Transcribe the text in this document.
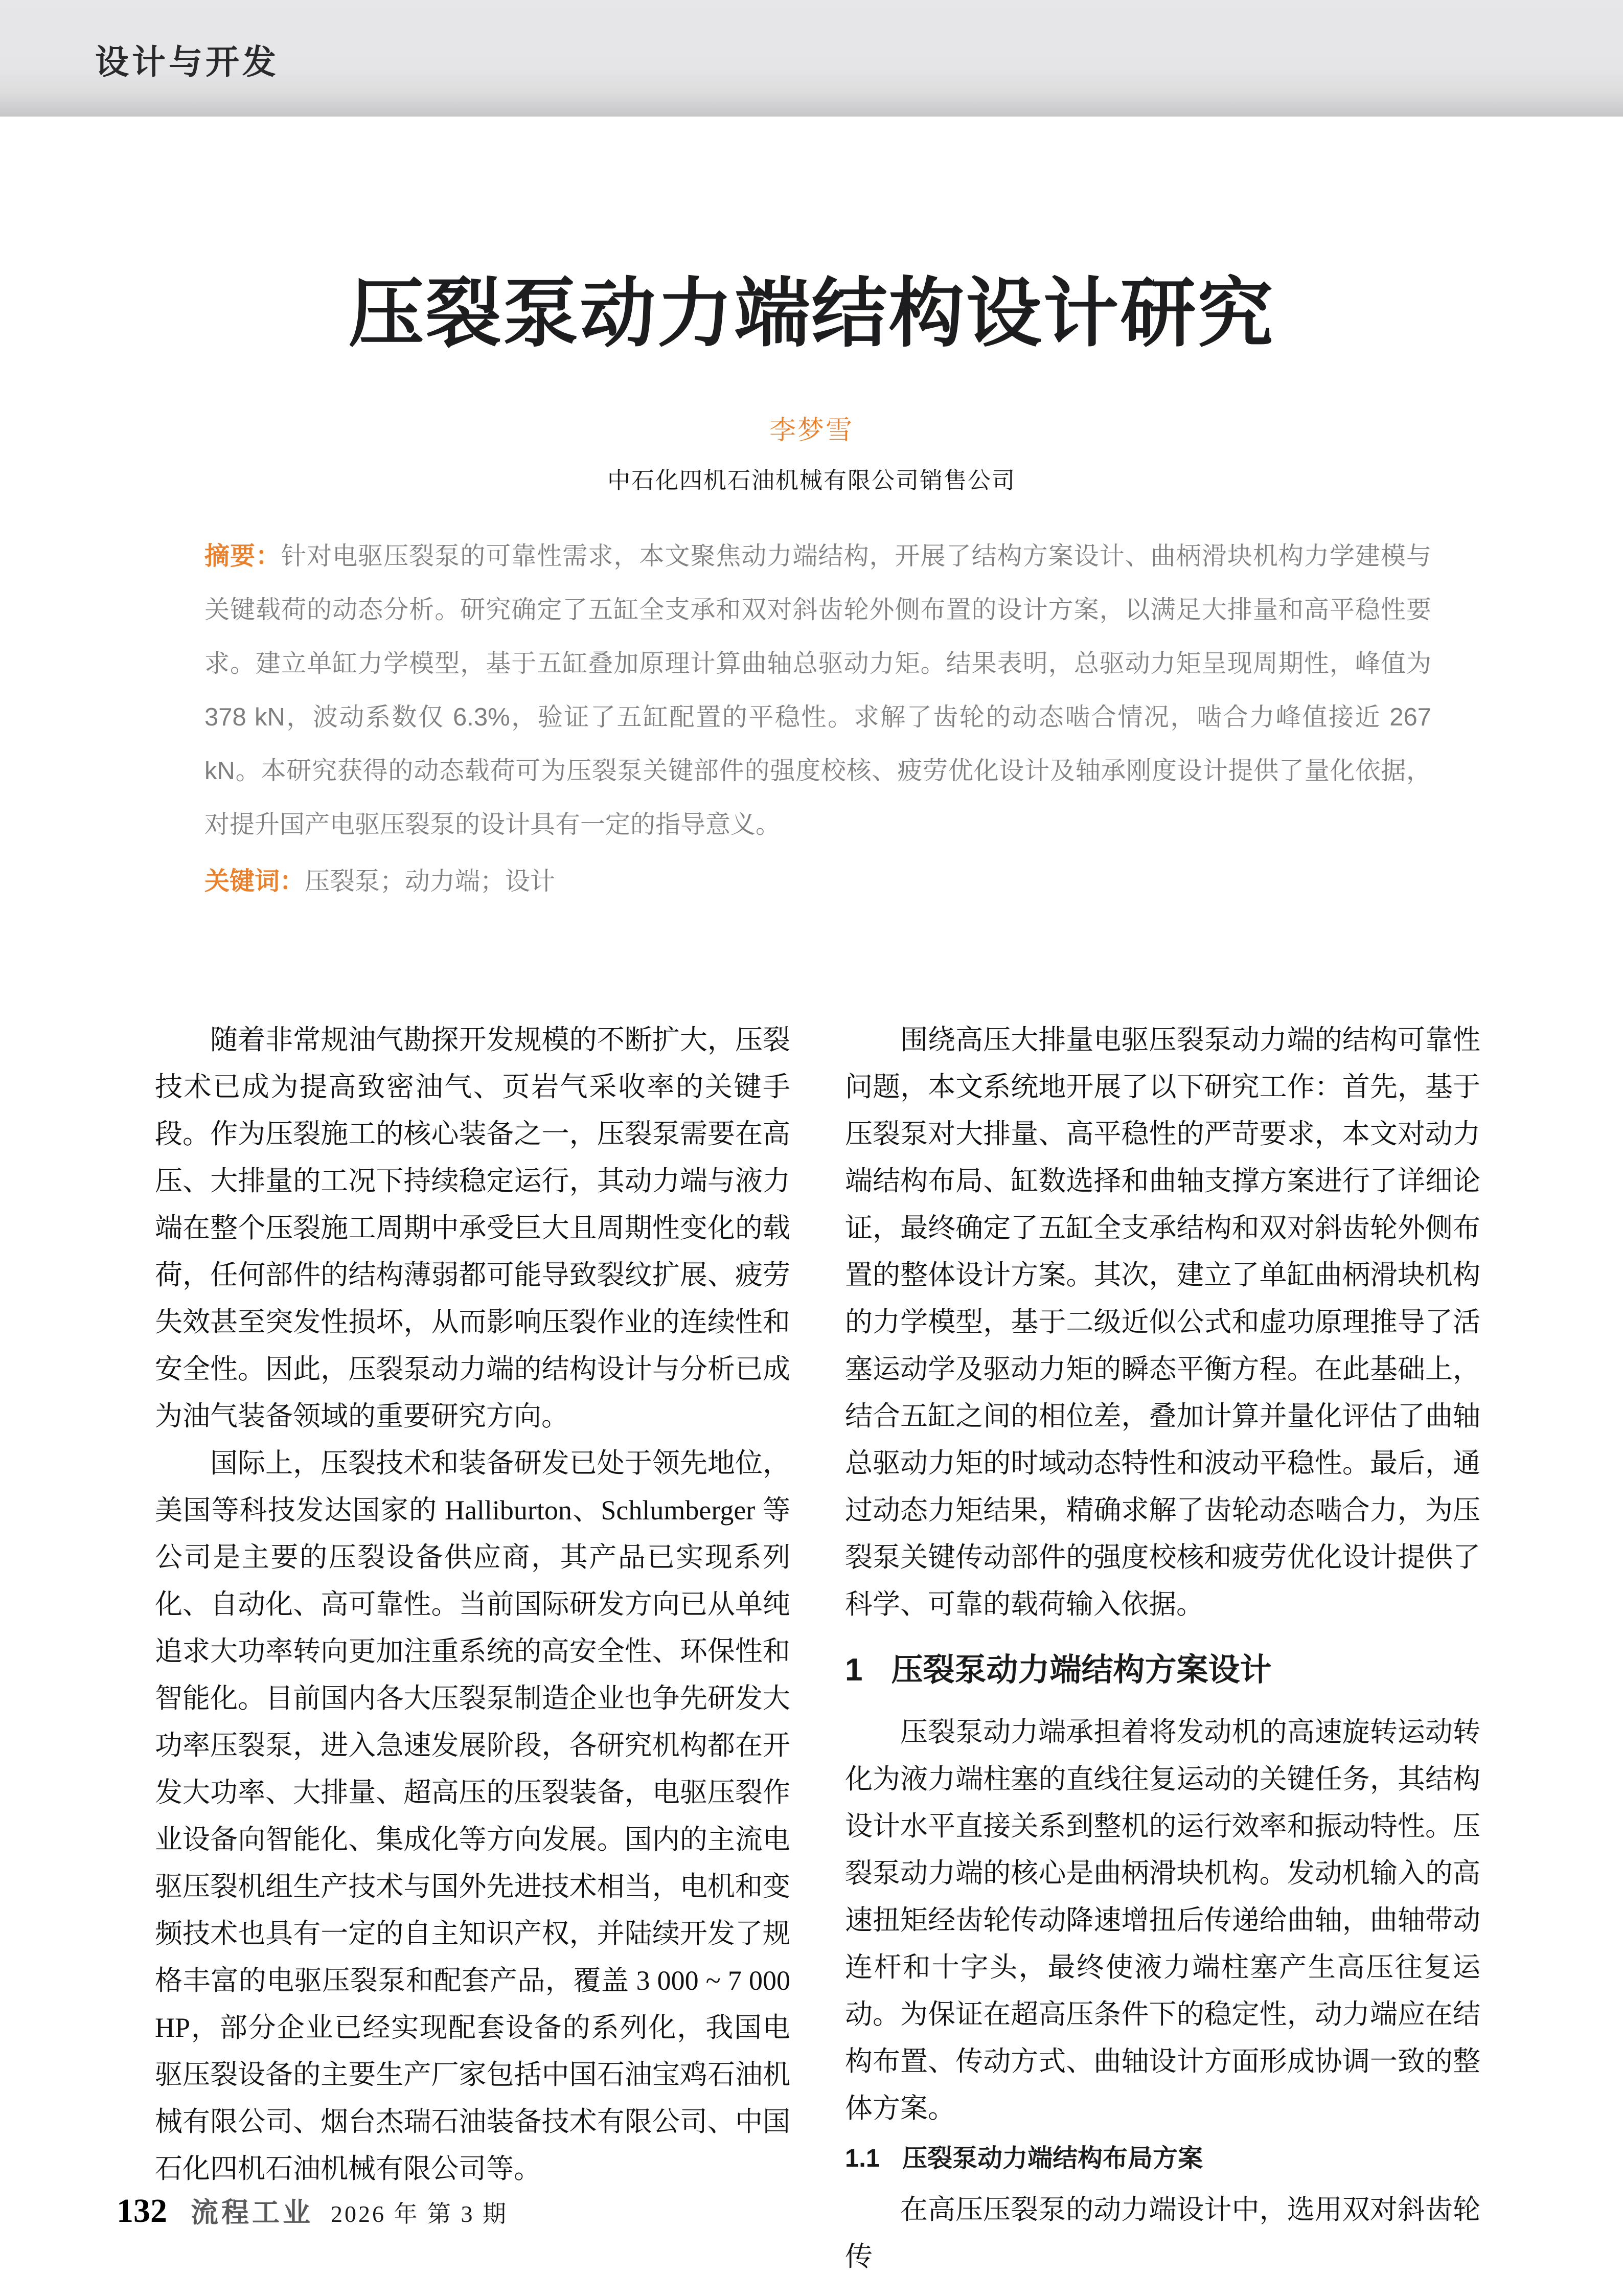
设计与开发
压裂泵动力端结构设计研究
李梦雪
中石化四机石油机械有限公司销售公司
摘要：针对电驱压裂泵的可靠性需求，本文聚焦动力端结构，开展了结构方案设计、曲柄滑块机构力学建模与关键载荷的动态分析。研究确定了五缸全支承和双对斜齿轮外侧布置的设计方案，以满足大排量和高平稳性要求。建立单缸力学模型，基于五缸叠加原理计算曲轴总驱动力矩。结果表明，总驱动力矩呈现周期性，峰值为 378 kN，波动系数仅 6.3%，验证了五缸配置的平稳性。求解了齿轮的动态啮合情况，啮合力峰值接近 267 kN。本研究获得的动态载荷可为压裂泵关键部件的强度校核、疲劳优化设计及轴承刚度设计提供了量化依据，对提升国产电驱压裂泵的设计具有一定的指导意义。
关键词：压裂泵；动力端；设计

随着非常规油气勘探开发规模的不断扩大，压裂技术已成为提高致密油气、页岩气采收率的关键手段。作为压裂施工的核心装备之一，压裂泵需要在高压、大排量的工况下持续稳定运行，其动力端与液力端在整个压裂施工周期中承受巨大且周期性变化的载荷，任何部件的结构薄弱都可能导致裂纹扩展、疲劳失效甚至突发性损坏，从而影响压裂作业的连续性和安全性。因此，压裂泵动力端的结构设计与分析已成为油气装备领域的重要研究方向。

国际上，压裂技术和装备研发已处于领先地位，美国等科技发达国家的 Halliburton、Schlumberger 等公司是主要的压裂设备供应商，其产品已实现系列化、自动化、高可靠性。当前国际研发方向已从单纯追求大功率转向更加注重系统的高安全性、环保性和智能化。目前国内各大压裂泵制造企业也争先研发大功率压裂泵，进入急速发展阶段，各研究机构都在开发大功率、大排量、超高压的压裂装备，电驱压裂作业设备向智能化、集成化等方向发展。国内的主流电驱压裂机组生产技术与国外先进技术相当，电机和变频技术也具有一定的自主知识产权，并陆续开发了规格丰富的电驱压裂泵和配套产品，覆盖 3 000 ~ 7 000 HP，部分企业已经实现配套设备的系列化，我国电驱压裂设备的主要生产厂家包括中国石油宝鸡石油机械有限公司、烟台杰瑞石油装备技术有限公司、中国石化四机石油机械有限公司等。

围绕高压大排量电驱压裂泵动力端的结构可靠性问题，本文系统地开展了以下研究工作：首先，基于压裂泵对大排量、高平稳性的严苛要求，本文对动力端结构布局、缸数选择和曲轴支撑方案进行了详细论证，最终确定了五缸全支承结构和双对斜齿轮外侧布置的整体设计方案。其次，建立了单缸曲柄滑块机构的力学模型，基于二级近似公式和虚功原理推导了活塞运动学及驱动力矩的瞬态平衡方程。在此基础上，结合五缸之间的相位差，叠加计算并量化评估了曲轴总驱动力矩的时域动态特性和波动平稳性。最后，通过动态力矩结果，精确求解了齿轮动态啮合力，为压裂泵关键传动部件的强度校核和疲劳优化设计提供了科学、可靠的载荷输入依据。

1 压裂泵动力端结构方案设计

压裂泵动力端承担着将发动机的高速旋转运动转化为液力端柱塞的直线往复运动的关键任务，其结构设计水平直接关系到整机的运行效率和振动特性。压裂泵动力端的核心是曲柄滑块机构。发动机输入的高速扭矩经齿轮传动降速增扭后传递给曲轴，曲轴带动连杆和十字头，最终使液力端柱塞产生高压往复运动。为保证在超高压条件下的稳定性，动力端应在结构布置、传动方式、曲轴设计方面形成协调一致的整体方案。

1.1 压裂泵动力端结构布局方案

在高压压裂泵的动力端设计中，选用双对斜齿轮传

132 流程工业 2026 年 第 3 期
